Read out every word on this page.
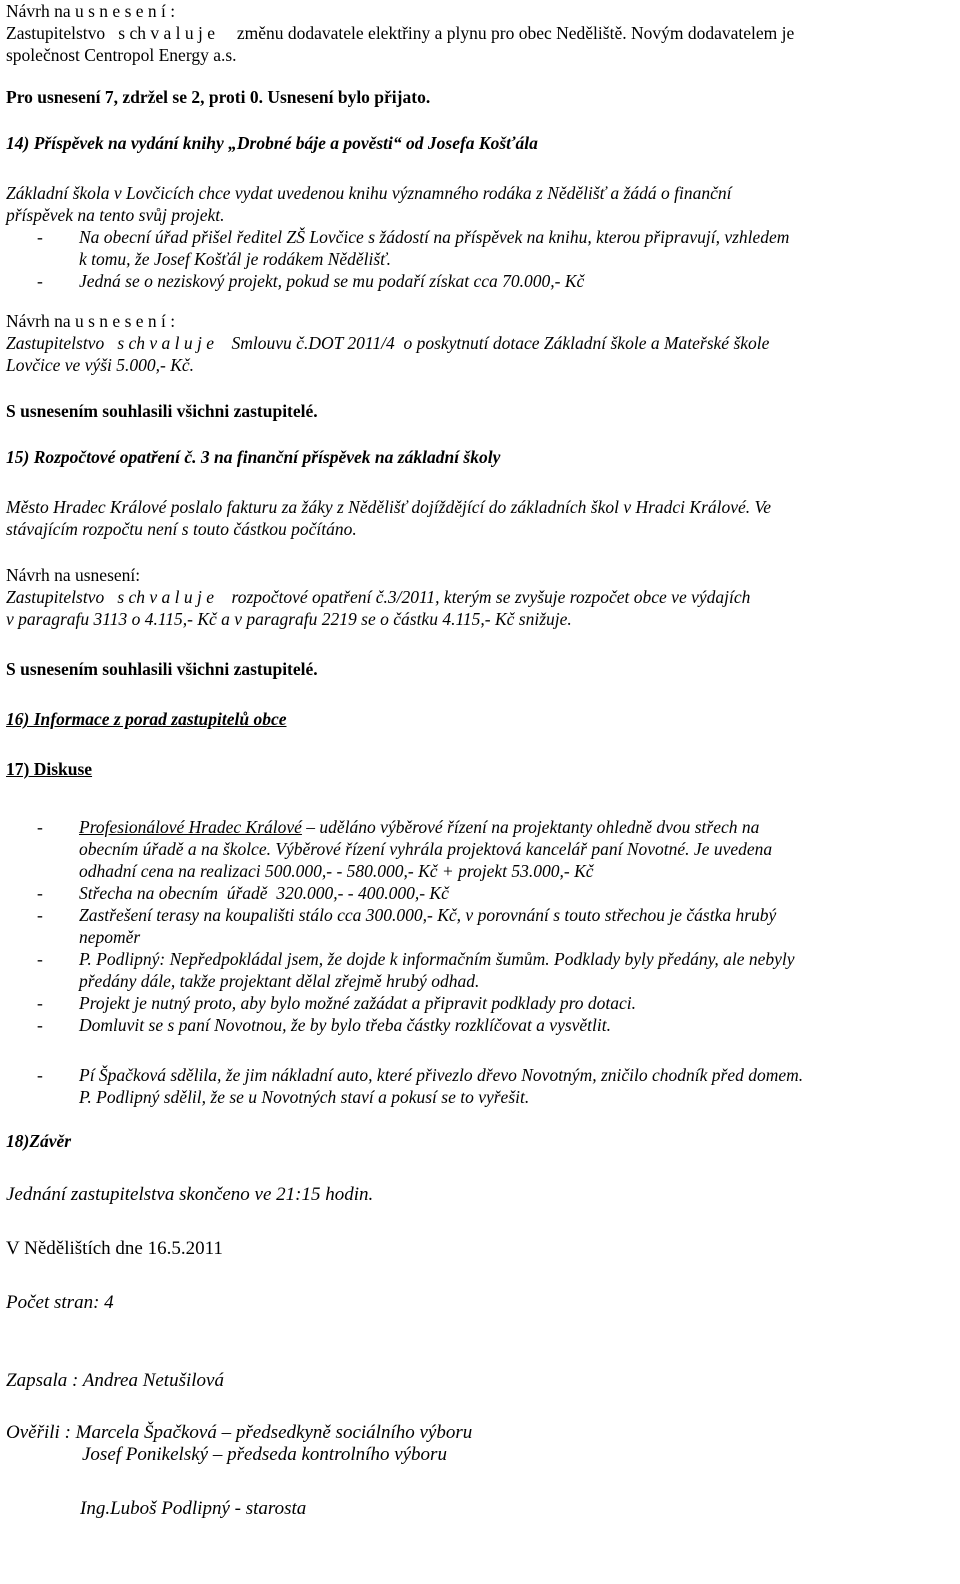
Návrh na u s n e s e n í :

Zastupitelstvo   s ch v a l u j e     změnu dodavatele elektřiny a plynu pro obec Neděliště. Novým dodavatelem je

společnost Centropol Energy a.s.

Pro usnesení 7, zdržel se 2, proti 0. Usnesení bylo přijato.

14) Příspěvek na vydání knihy „Drobné báje a pověsti“ od Josefa Košťála

Základní škola v Lovčicích chce vydat uvedenou knihu významného rodáka z Nědělišť a žádá o finanční

příspěvek na tento svůj projekt.

- Na obecní úřad přišel ředitel ZŠ Lovčice s žádostí na příspěvek na knihu, kterou připravují, vzhledem

k tomu, že Josef Košťál je rodákem Nědělišť.

- Jedná se o neziskový projekt, pokud se mu podaří získat cca 70.000,- Kč

Návrh na u s n e s e n í :

Zastupitelstvo   s ch v a l u j e    Smlouvu č.DOT 2011/4  o poskytnutí dotace Základní škole a Mateřské škole

Lovčice ve výši 5.000,- Kč.

S usnesením souhlasili všichni zastupitelé.

15) Rozpočtové opatření č. 3 na finanční příspěvek na základní školy

Město Hradec Králové poslalo fakturu za žáky z Nědělišť dojíždějící do základních škol v Hradci Králové. Ve

stávajícím rozpočtu není s touto částkou počítáno.

Návrh na usnesení:

Zastupitelstvo   s ch v a l u j e    rozpočtové opatření č.3/2011, kterým se zvyšuje rozpočet obce ve výdajích

v paragrafu 3113 o 4.115,- Kč a v paragrafu 2219 se o částku 4.115,- Kč snižuje.

S usnesením souhlasili všichni zastupitelé.

16) Informace z porad zastupitelů obce

17) Diskuse

- Profesionálové Hradec Králové – uděláno výběrové řízení na projektanty ohledně dvou střech na

obecním úřadě a na školce. Výběrové řízení vyhrála projektová kancelář paní Novotné. Je uvedena

odhadní cena na realizaci 500.000,- - 580.000,- Kč + projekt 53.000,- Kč

- Střecha na obecním  úřadě  320.000,- - 400.000,- Kč

- Zastřešení terasy na koupališti stálo cca 300.000,- Kč, v porovnání s touto střechou je částka hrubý

nepoměr

- P. Podlipný: Nepředpokládal jsem, že dojde k informačním šumům. Podklady byly předány, ale nebyly

předány dále, takže projektant dělal zřejmě hrubý odhad.

- Projekt je nutný proto, aby bylo možné zažádat a připravit podklady pro dotaci.

- Domluvit se s paní Novotnou, že by bylo třeba částky rozklíčovat a vysvětlit.

- Pí Špačková sdělila, že jim nákladní auto, které přivezlo dřevo Novotným, zničilo chodník před domem.

P. Podlipný sdělil, že se u Novotných staví a pokusí se to vyřešit.

18)Závěr

Jednání zastupitelstva skončeno ve 21:15 hodin.

V Nědělištích dne 16.5.2011

Počet stran: 4

Zapsala : Andrea Netušilová

Ověřili : Marcela Špačková – předsedkyně sociálního výboru

Josef Ponikelský – předseda kontrolního výboru

Ing.Luboš Podlipný - starosta
